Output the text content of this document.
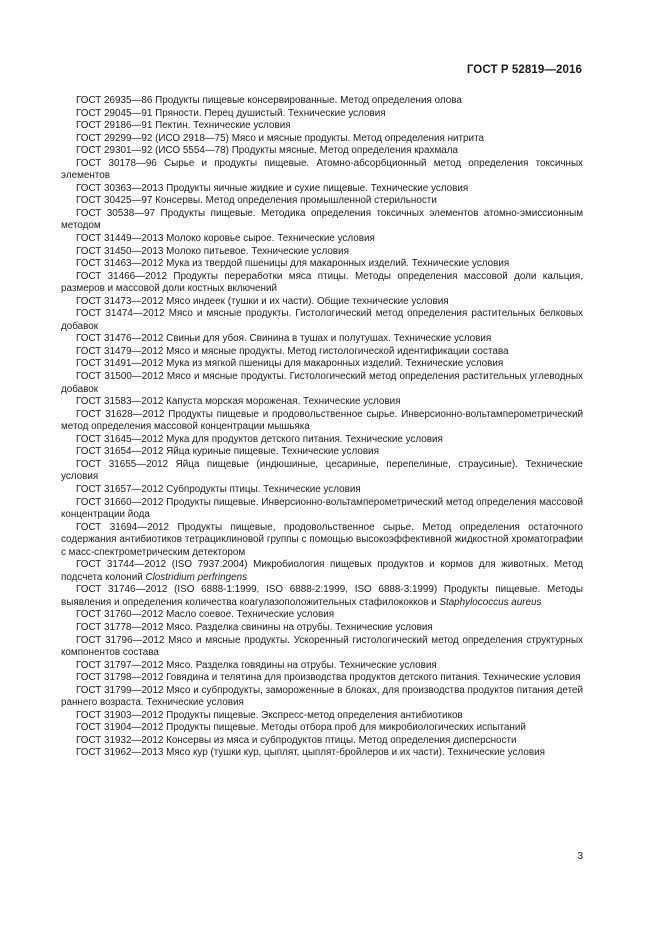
ГОСТ Р 52819—2016

ГОСТ 26935—86 Продукты пищевые консервированные. Метод определения олова

ГОСТ 29045—91 Пряности. Перец душистый. Технические условия

ГОСТ 29186—91 Пектин. Технические условия

ГОСТ 29299—92 (ИСО 2918—75) Мясо и мясные продукты. Метод определения нитрита

ГОСТ 29301—92 (ИСО 5554—78) Продукты мясные. Метод определения крахмала

ГОСТ 30178—96 Сырье и продукты пищевые. Атомно-абсорбционный метод определения токсичных элементов

ГОСТ 30363—2013 Продукты яичные жидкие и сухие пищевые. Технические условия

ГОСТ 30425—97 Консервы. Метод определения промышленной стерильности

ГОСТ 30538—97 Продукты пищевые. Методика определения токсичных элементов атомно-эмиссионным методом

ГОСТ 31449—2013 Молоко коровье сырое. Технические условия

ГОСТ 31450—2013 Молоко питьевое. Технические условия

ГОСТ 31463—2012 Мука из твердой пшеницы для макаронных изделий. Технические условия

ГОСТ 31466—2012 Продукты переработки мяса птицы. Методы определения массовой доли кальция, размеров и массовой доли костных включений

ГОСТ 31473—2012 Мясо индеек (тушки и их части). Общие технические условия

ГОСТ 31474—2012 Мясо и мясные продукты. Гистологический метод определения растительных белковых добавок

ГОСТ 31476—2012 Свиньи для убоя. Свинина в тушах и полутушах. Технические условия

ГОСТ 31479—2012 Мясо и мясные продукты. Метод гистологической идентификации состава

ГОСТ 31491—2012 Мука из мягкой пшеницы для макаронных изделий. Технические условия

ГОСТ 31500—2012 Мясо и мясные продукты. Гистологический метод определения растительных углеводных добавок

ГОСТ 31583—2012 Капуста морская мороженая. Технические условия

ГОСТ 31628—2012 Продукты пищевые и продовольственное сырье. Инверсионно-вольтамперометрический метод определения массовой концентрации мышьяка

ГОСТ 31645—2012 Мука для продуктов детского питания. Технические условия

ГОСТ 31654—2012 Яйца куриные пищевые. Технические условия

ГОСТ 31655—2012 Яйца пищевые (индюшиные, цесариные, перепелиные, страусиные). Технические условия

ГОСТ 31657—2012 Субпродукты птицы. Технические условия

ГОСТ 31660—2012 Продукты пищевые. Инверсионно-вольтамперометрический метод определения массовой концентрации йода

ГОСТ 31694—2012 Продукты пищевые, продовольственное сырье. Метод определения остаточного содержания антибиотиков тетрациклиновой группы с помощью высокоэффективной жидкостной хроматографии с масс-спектрометрическим детектором

ГОСТ 31744—2012 (ISO 7937:2004) Микробиология пищевых продуктов и кормов для животных. Метод подсчета колоний Clostridium perfringens

ГОСТ 31746—2012 (ISO 6888-1:1999, ISO 6888-2:1999, ISO 6888-3:1999) Продукты пищевые. Методы выявления и определения количества коагулазоположительных стафилококков и Staphylococcus aureus

ГОСТ 31760—2012 Масло соевое. Технические условия

ГОСТ 31778—2012 Мясо. Разделка свинины на отрубы. Технические условия

ГОСТ 31796—2012 Мясо и мясные продукты. Ускоренный гистологический метод определения структурных компонентов состава

ГОСТ 31797—2012 Мясо. Разделка говядины на отрубы. Технические условия

ГОСТ 31798—2012 Говядина и телятина для производства продуктов детского питания. Технические условия

ГОСТ 31799—2012 Мясо и субпродукты, замороженные в блоках, для производства продуктов питания детей раннего возраста. Технические условия

ГОСТ 31903—2012 Продукты пищевые. Экспресс-метод определения антибиотиков

ГОСТ 31904—2012 Продукты пищевые. Методы отбора проб для микробиологических испытаний

ГОСТ 31932—2012 Консервы из мяса и субпродуктов птицы. Метод определения дисперсности

ГОСТ 31962—2013 Мясо кур (тушки кур, цыплят, цыплят-бройлеров и их части). Технические условия

3
